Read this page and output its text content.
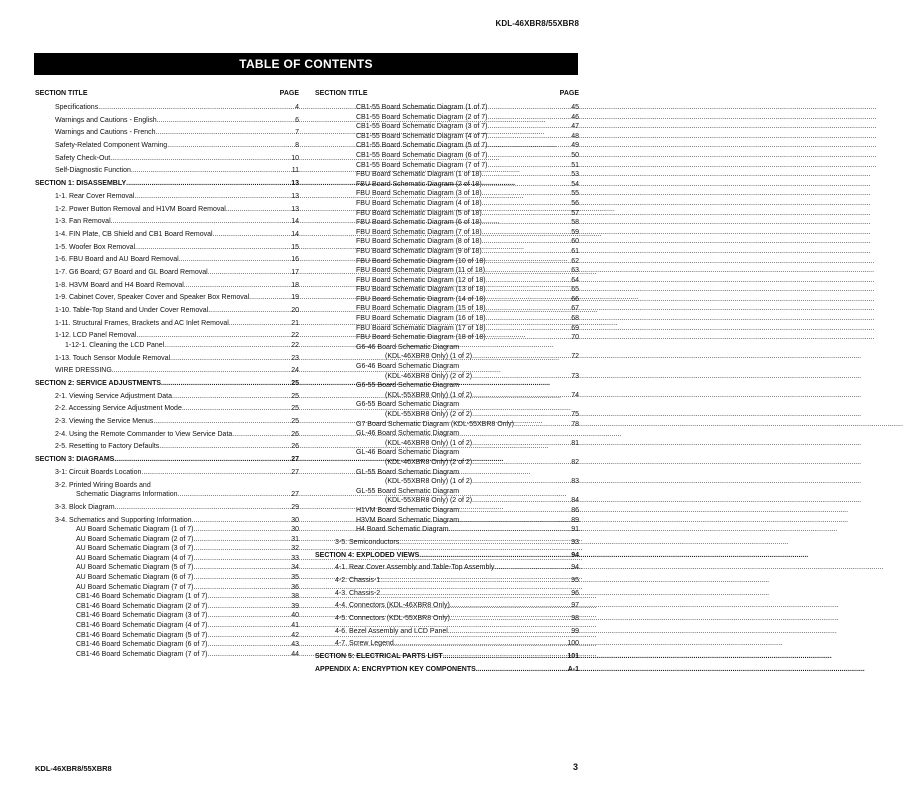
KDL-46XBR8/55XBR8
TABLE OF CONTENTS
SECTION TITLE	PAGE
Specifications .....	4
Warnings and Cautions - English .....	6
Warnings and Cautions - French .....	7
Safety-Related Component Warning .....	8
Safety Check-Out .....	10
Self-Diagnostic Function .....	11
SECTION 1: DISASSEMBLY .....	13
1-1. Rear Cover Removal .....	13
1-2. Power Button Removal and H1VM Board Removal .....	13
1-3. Fan Removal .....	14
1-4. FIN Plate, CB Shield and CB1 Board Removal .....	14
1-5. Woofer Box Removal .....	15
1-6. FBU Board and AU Board Removal .....	16
1-7. G6 Board; G7 Board and GL Board Removal .....	17
1-8. H3VM Board and H4 Board Removal .....	18
1-9. Cabinet Cover, Speaker Cover and Speaker Box Removal .....	19
1-10. Table-Top Stand and Under Cover Removal .....	20
1-11. Structural Frames, Brackets and AC Inlet Removal .....	21
1-12. LCD Panel Removal .....	22
1-12-1. Cleaning the LCD Panel .....	22
1-13. Touch Sensor Module Removal .....	23
WIRE DRESSING .....	24
SECTION 2: SERVICE ADJUSTMENTS .....	25
2-1. Viewing Service Adjustment Data .....	25
2-2. Accessing Service Adjustment Mode .....	25
2-3. Viewing the Service Menus .....	25
2-4. Using the Remote Commander to View Service Data .....	26
2-5. Resetting to Factory Defaults .....	26
SECTION 3: DIAGRAMS .....	27
3-1: Circuit Boards Location .....	27
3-2. Printed Wiring Boards and
Schematic Diagrams Information .....	27
3-3. Block Diagram .....	29
3-4. Schematics and Supporting Information .....	30
AU Board Schematic Diagram (1 of 7) .....	30
AU Board Schematic Diagram (2 of 7) .....	31
AU Board Schematic Diagram (3 of 7) .....	32
AU Board Schematic Diagram (4 of 7) .....	33
AU Board Schematic Diagram (5 of 7) .....	34
AU Board Schematic Diagram (6 of 7) .....	35
AU Board Schematic Diagram (7 of 7) .....	36
CB1-46 Board Schematic Diagram (1 of 7) .....	38
CB1-46 Board Schematic Diagram (2 of 7) .....	39
CB1-46 Board Schematic Diagram (3 of 7) .....	40
CB1-46 Board Schematic Diagram (4 of 7) .....	41
CB1-46 Board Schematic Diagram (5 of 7) .....	42
CB1-46 Board Schematic Diagram (6 of 7) .....	43
CB1-46 Board Schematic Diagram (7 of 7) .....	44
SECTION TITLE	PAGE
CB1-55 Board Schematic Diagram (1 of 7) .....	45
CB1-55 Board Schematic Diagram (2 of 7) .....	46
CB1-55 Board Schematic Diagram (3 of 7) .....	47
CB1-55 Board Schematic Diagram (4 of 7) .....	48
CB1-55 Board Schematic Diagram (5 of 7) .....	49
CB1-55 Board Schematic Diagram (6 of 7) .....	50
CB1-55 Board Schematic Diagram (7 of 7) .....	51
FBU Board Schematic Diagram (1 of 18) .....	53
FBU Board Schematic Diagram (2 of 18) .....	54
FBU Board Schematic Diagram (3 of 18) .....	55
FBU Board Schematic Diagram (4 of 18) .....	56
FBU Board Schematic Diagram (5 of 18) .....	57
FBU Board Schematic Diagram (6 of 18) .....	58
FBU Board Schematic Diagram (7 of 18) .....	59
FBU Board Schematic Diagram (8 of 18) .....	60
FBU Board Schematic Diagram (9 of 18) .....	61
FBU Board Schematic Diagram (10 of 18) .....	62
FBU Board Schematic Diagram (11 of 18) .....	63
FBU Board Schematic Diagram (12 of 18) .....	64
FBU Board Schematic Diagram (13 of 18) .....	65
FBU Board Schematic Diagram (14 of 18) .....	66
FBU Board Schematic Diagram (15 of 18) .....	67
FBU Board Schematic Diagram (16 of 18) .....	68
FBU Board Schematic Diagram (17 of 18) .....	69
FBU Board Schematic Diagram (18 of 18) .....	70
G6-46 Board Schematic Diagram
(KDL-46XBR8 Only) (1 of 2) .....	72
G6-46 Board Schematic Diagram
(KDL-46XBR8 Only) (2 of 2) .....	73
G6-55 Board Schematic Diagram
(KDL-55XBR8 Only) (1 of 2) .....	74
G6-55 Board Schematic Diagram
(KDL-55XBR8 Only) (2 of 2) .....	75
G7 Board Schematic Diagram (KDL-55XBR8 Only) .....	78
GL-46 Board Schematic Diagram
(KDL-46XBR8 Only) (1 of 2) .....	81
GL-46 Board Schematic Diagram
(KDL-46XBR8 Only) (2 of 2) .....	82
GL-55 Board Schematic Diagram
(KDL-55XBR8 Only) (1 of 2) .....	83
GL-55 Board Schematic Diagram
(KDL-55XBR8 Only) (2 of 2) .....	84
H1VM Board Schematic Diagram .....	86
H3VM Board Schematic Diagram .....	89
H4 Board Schematic Diagram .....	91
3-5. Semiconductors .....	93
SECTION 4: EXPLODED VIEWS .....	94
4-1. Rear Cover Assembly and Table-Top Assembly .....	94
4-2. Chassis-1 .....	95
4-3. Chassis-2 .....	96
4-4. Connectors (KDL-46XBR8 Only) .....	97
4-5. Connectors (KDL-55XBR8 Only) .....	98
4-6. Bezel Assembly and LCD Panel .....	99
4-7. Screw Legend .....	100
SECTION 5: ELECTRICAL PARTS LIST .....	101
APPENDIX A: ENCRYPTION KEY COMPONENTS .....	A-1
KDL-46XBR8/55XBR8	3
